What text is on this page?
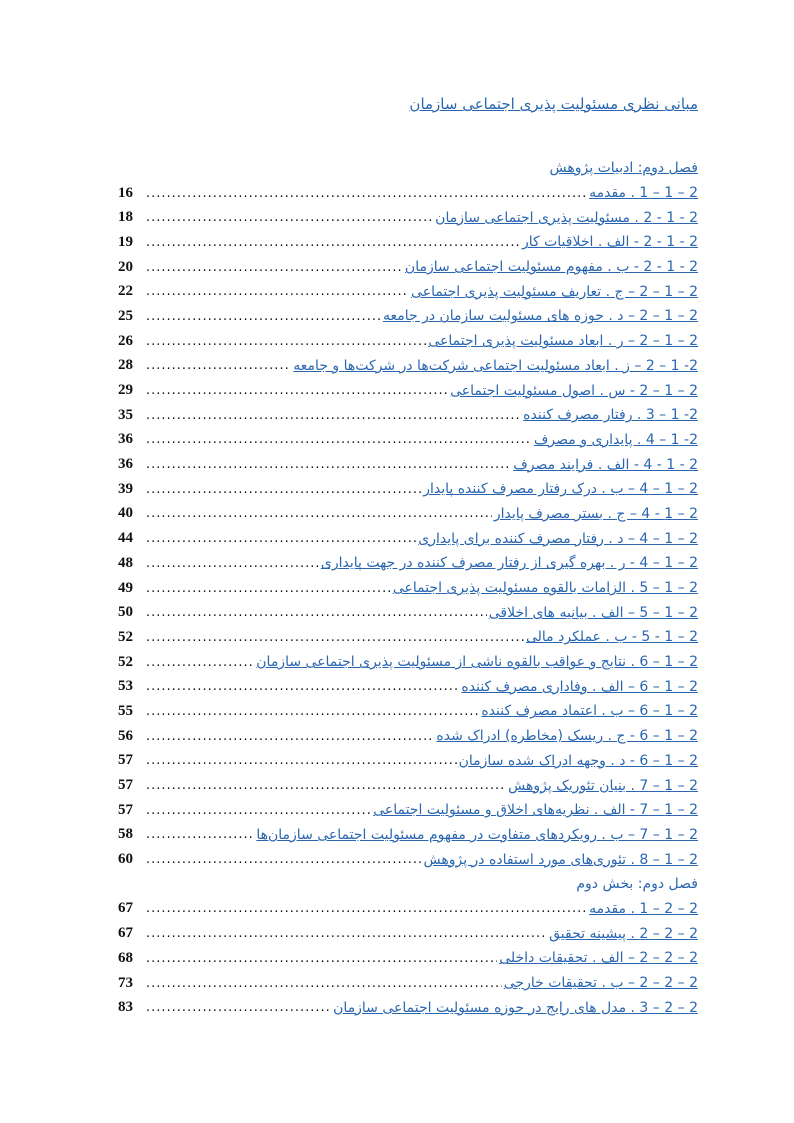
مبانی نظری مسئولیت پذیری اجتماعی سازمان
فصل دوم: ادبیات پژوهش
2 – 1 – 1 . مقدمه
.....
16
2 - 1 - 2 . مسئولیت پذیری اجتماعی سازمان
.....
18
2 - 1 - 2 - الف . اخلاقیات کار
.....
19
2 - 1 - 2 - ب . مفهوم مسئولیت اجتماعی سازمان
.....
20
2 – 1 – 2 – ج . تعاریف مسئولیت پذیری اجتماعی
.....
22
2 – 1 – 2 – د . حوزه های مسئولیت سازمان در جامعه
.....
25
2 – 1 – 2 – ر . ابعاد مسئولیت پذیری اجتماعی
.....
26
2- 1 – 2 – ز . ابعاد مسئولیت اجتماعی شرکت‌ها در شرکت‌ها و جامعه
.....
28
2 – 1 – 2 - س . اصول مسئولیت اجتماعی
.....
29
2- 1 – 3 . رفتار مصرف کننده
.....
35
2- 1 – 4 . پایداری و مصرف
.....
36
2 - 1 - 4 - الف . فرایند مصرف
.....
36
2 – 1 – 4 – ب . درک رفتار مصرف کننده پایدار
.....
39
2 – 1 - 4 – ج . بستر مصرف پایدار
.....
40
2 – 1 – 4 – د . رفتار مصرف کننده برای پایداری
.....
44
2 – 1 – 4 - ر . بهره گیری از رفتار مصرف کننده در جهت پایداری
.....
48
2 – 1 – 5 . الزامات بالقوه مسئولیت پذیری اجتماعی
.....
49
2 – 1 – 5 – الف . بیانیه های اخلاقی
.....
50
2 – 1 - 5 - ب . عملکرد مالی
.....
52
2 – 1 – 6 . نتایج و عواقب بالقوه ناشی از مسئولیت پذیری اجتماعی سازمان
.....
52
2 – 1 – 6 – الف . وفاداری مصرف کننده
.....
53
2 – 1 – 6 – ب . اعتماد مصرف کننده
.....
55
2 – 1 – 6 - ج . ریسک (مخاطره) ادراک شده
.....
56
2 – 1 – 6 - د . وجهه ادراک شده سازمان
.....
57
2 – 1 – 7 . بنیان تئوریک پژوهش
.....
57
2 – 1 – 7 - الف . نظریه‌های اخلاق و مسئولیت اجتماعی
.....
57
2 – 1 – 7 – ب . رویکردهای متفاوت در مفهوم مسئولیت اجتماعی سازمان‌ها
.....
58
2 – 1 – 8 . تئوری‌های مورد استفاده در پژوهش
.....
60
فصل دوم: بخش دوم
2 – 2 – 1 . مقدمه
.....
67
2 – 2 – 2 . پیشینه تحقیق
.....
67
2 – 2 – 2 – الف . تحقیقات داخلی
.....
68
2 – 2 – 2 – ب . تحقیقات خارجی
.....
73
2 – 2 – 3 . مدل های رایج در حوزه مسئولیت اجتماعی سازمان
.....
83
